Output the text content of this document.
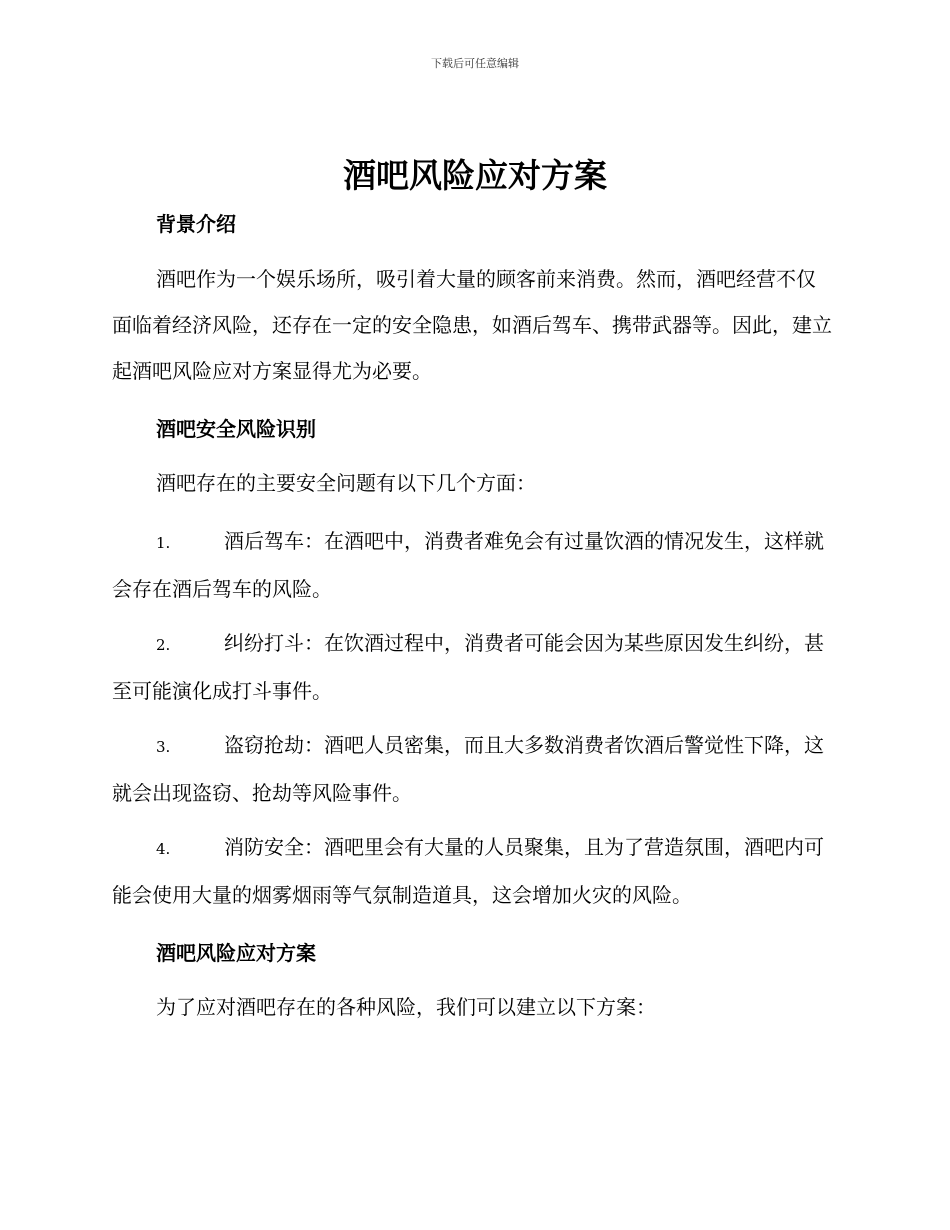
下载后可任意编辑
酒吧风险应对方案
背景介绍
酒吧作为一个娱乐场所，吸引着大量的顾客前来消费。然而，酒吧经营不仅面临着经济风险，还存在一定的安全隐患，如酒后驾车、携带武器等。因此，建立起酒吧风险应对方案显得尤为必要。
酒吧安全风险识别
酒吧存在的主要安全问题有以下几个方面：
1.	酒后驾车：在酒吧中，消费者难免会有过量饮酒的情况发生，这样就会存在酒后驾车的风险。
2.	纠纷打斗：在饮酒过程中，消费者可能会因为某些原因发生纠纷，甚至可能演化成打斗事件。
3.	盗窃抢劫：酒吧人员密集，而且大多数消费者饮酒后警觉性下降，这就会出现盗窃、抢劫等风险事件。
4.	消防安全：酒吧里会有大量的人员聚集，且为了营造氛围，酒吧内可能会使用大量的烟雾烟雨等气氛制造道具，这会增加火灾的风险。
酒吧风险应对方案
为了应对酒吧存在的各种风险，我们可以建立以下方案：
